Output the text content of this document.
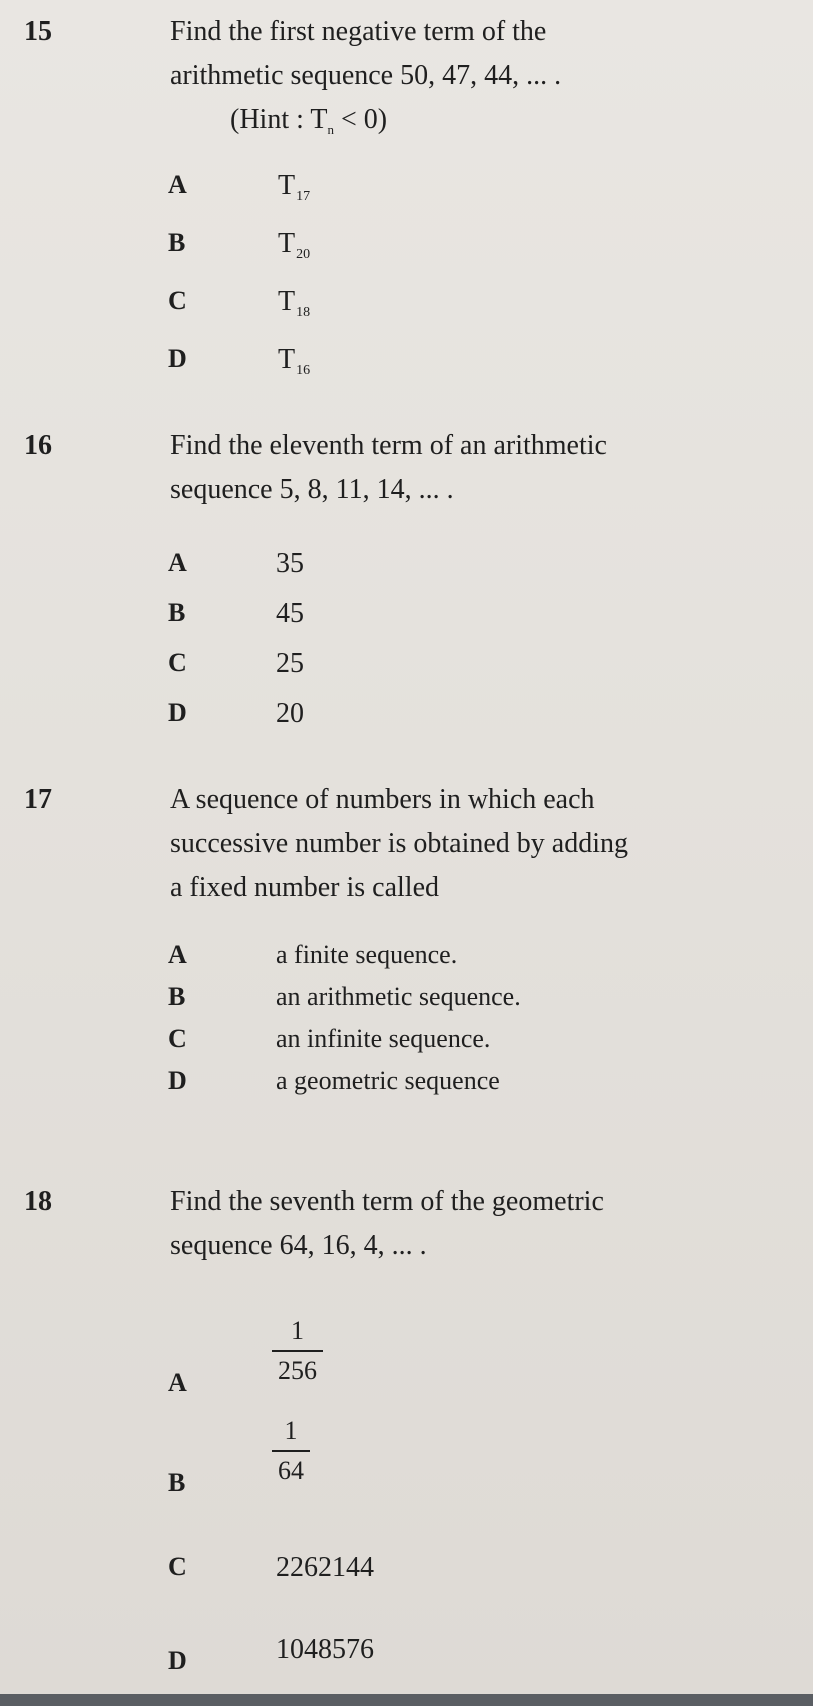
15	Find the first negative term of the
arithmetic sequence 50, 47, 44, ... .
(Hint : $T_n < 0$)
A	$T_{17}$
B	$T_{20}$
C	$T_{18}$
D	$T_{16}$
16	Find the eleventh term of an arithmetic
sequence 5, 8, 11, 14, ... .
A	35
B	45
C	25
D	20
17	A sequence of numbers in which each
successive number is obtained by adding
a fixed number is called
A	a finite sequence.
B	an arithmetic sequence.
C	an infinite sequence.
D	a geometric sequence
18	Find the seventh term of the geometric
sequence 64, 16, 4, ... .
A	$\frac{1}{256}$
B	$\frac{1}{64}$
C	2262144
D	1048576
